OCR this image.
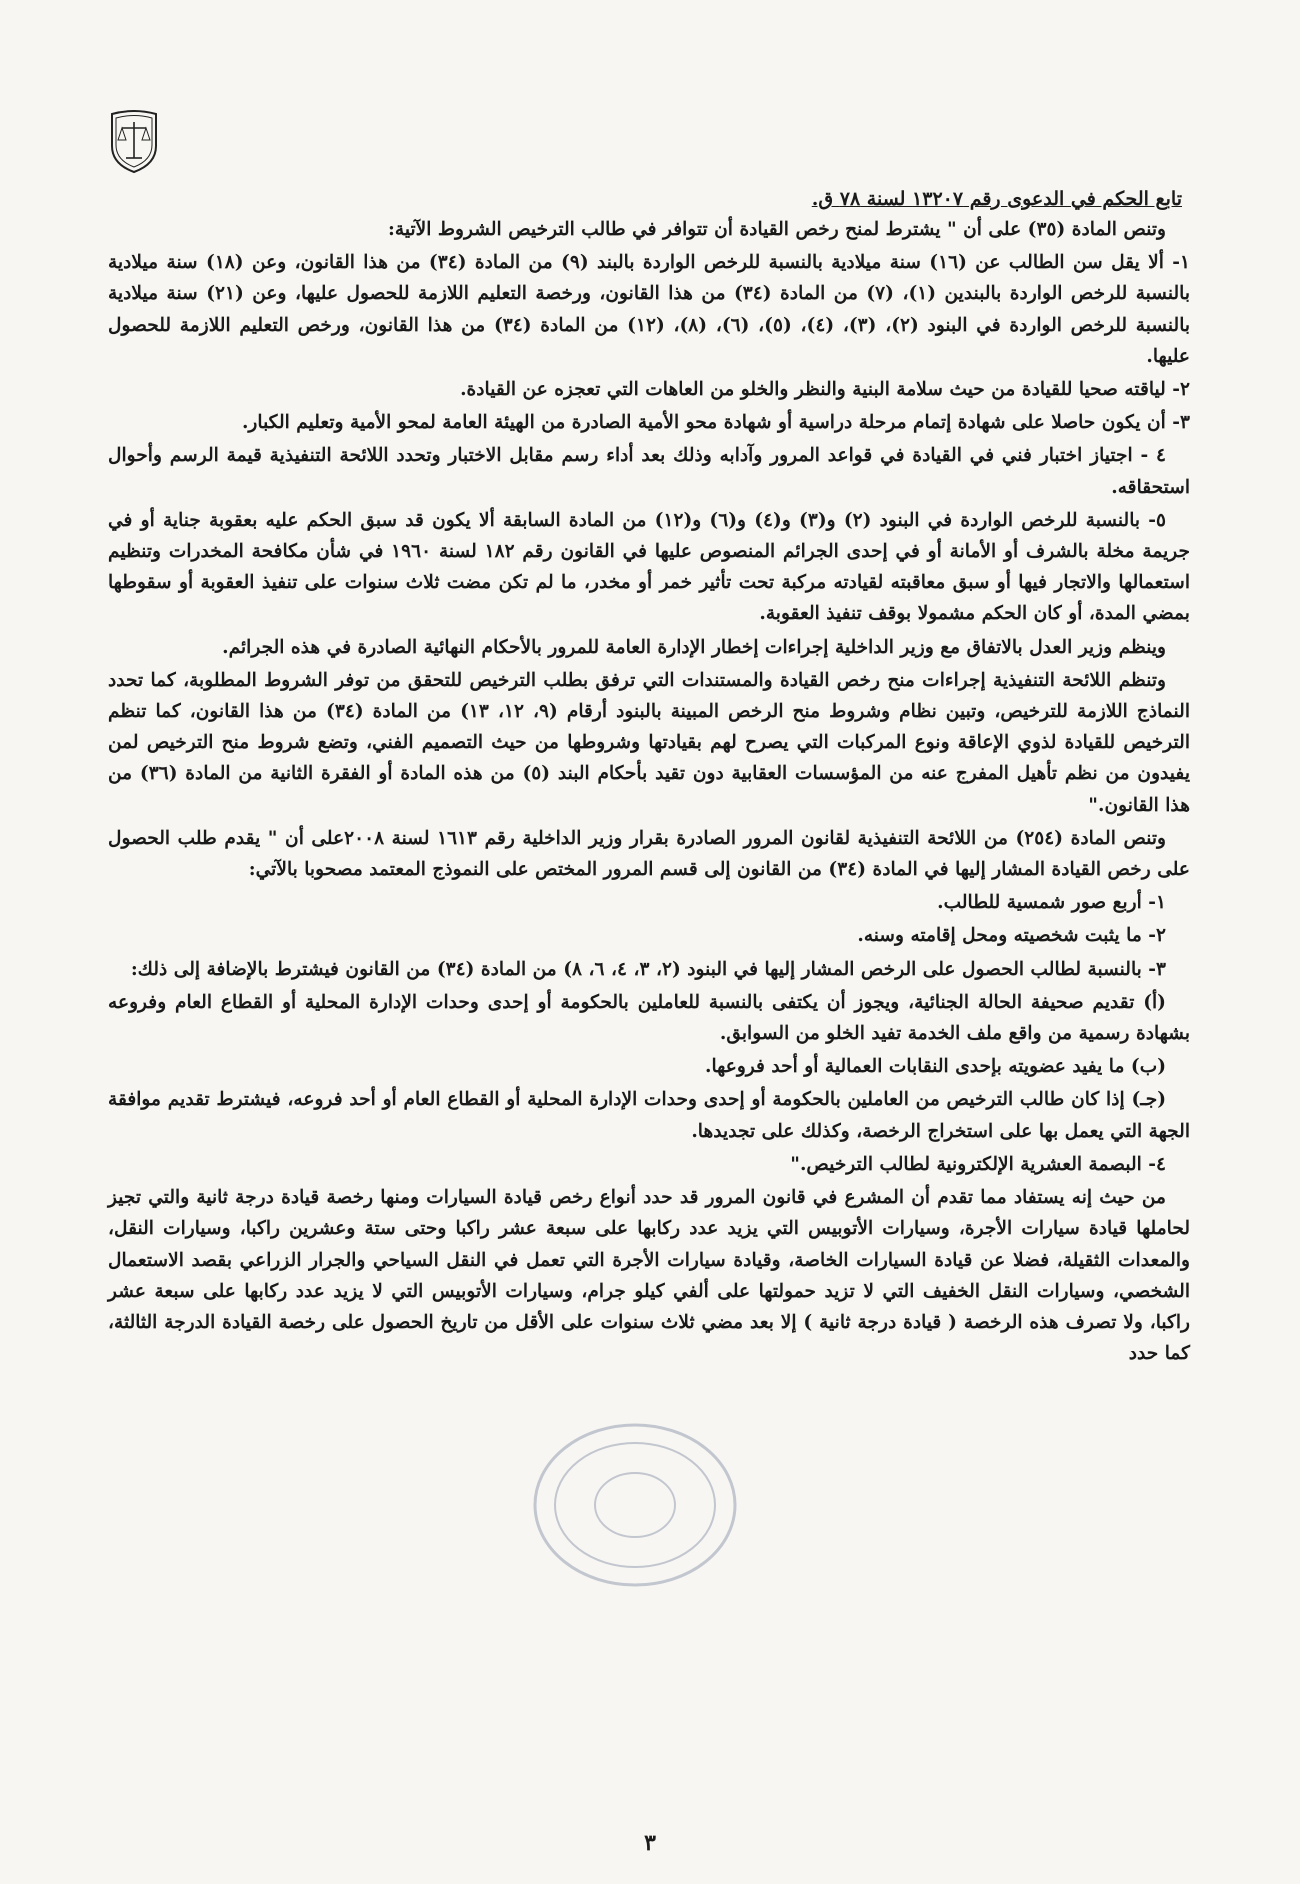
تابع الحكم في الدعوى رقم ١٣٢٠٧ لسنة ٧٨ ق.

وتنص المادة (٣٥) على أن " يشترط لمنح رخص القيادة أن تتوافر في طالب الترخيص الشروط الآتية:

١- ألا يقل سن الطالب عن (١٦) سنة ميلادية بالنسبة للرخص الواردة بالبند (٩) من المادة (٣٤) من هذا القانون، وعن (١٨) سنة ميلادية بالنسبة للرخص الواردة بالبندين (١)، (٧) من المادة (٣٤) من هذا القانون، ورخصة التعليم اللازمة للحصول عليها، وعن (٢١) سنة ميلادية بالنسبة للرخص الواردة في البنود (٢)، (٣)، (٤)، (٥)، (٦)، (٨)، (١٢) من المادة (٣٤) من هذا القانون، ورخص التعليم اللازمة للحصول عليها.

٢- لياقته صحيا للقيادة من حيث سلامة البنية والنظر والخلو من العاهات التي تعجزه عن القيادة.

٣- أن يكون حاصلا على شهادة إتمام مرحلة دراسية أو شهادة محو الأمية الصادرة من الهيئة العامة لمحو الأمية وتعليم الكبار.

٤ - اجتياز اختبار فني في القيادة في قواعد المرور وآدابه وذلك بعد أداء رسم مقابل الاختبار وتحدد اللائحة التنفيذية قيمة الرسم وأحوال استحقاقه.

٥- بالنسبة للرخص الواردة في البنود (٢) و(٣) و(٤) و(٦) و(١٢) من المادة السابقة ألا يكون قد سبق الحكم عليه بعقوبة جناية أو في جريمة مخلة بالشرف أو الأمانة أو في إحدى الجرائم المنصوص عليها في القانون رقم ١٨٢ لسنة ١٩٦٠ في شأن مكافحة المخدرات وتنظيم استعمالها والاتجار فيها أو سبق معاقبته لقيادته مركبة تحت تأثير خمر أو مخدر، ما لم تكن مضت ثلاث سنوات على تنفيذ العقوبة أو سقوطها بمضي المدة، أو كان الحكم مشمولا بوقف تنفيذ العقوبة.

وينظم وزير العدل بالاتفاق مع وزير الداخلية إجراءات إخطار الإدارة العامة للمرور بالأحكام النهائية الصادرة في هذه الجرائم.

وتنظم اللائحة التنفيذية إجراءات منح رخص القيادة والمستندات التي ترفق بطلب الترخيص للتحقق من توفر الشروط المطلوبة، كما تحدد النماذج اللازمة للترخيص، وتبين نظام وشروط منح الرخص المبينة بالبنود أرقام (٩، ١٢، ١٣) من المادة (٣٤) من هذا القانون، كما تنظم الترخيص للقيادة لذوي الإعاقة ونوع المركبات التي يصرح لهم بقيادتها وشروطها من حيث التصميم الفني، وتضع شروط منح الترخيص لمن يفيدون من نظم تأهيل المفرج عنه من المؤسسات العقابية دون تقيد بأحكام البند (٥) من هذه المادة أو الفقرة الثانية من المادة (٣٦) من هذا القانون."

وتنص المادة (٢٥٤) من اللائحة التنفيذية لقانون المرور الصادرة بقرار وزير الداخلية رقم ١٦١٣ لسنة ٢٠٠٨على أن " يقدم طلب الحصول على رخص القيادة المشار إليها في المادة (٣٤) من القانون إلى قسم المرور المختص على النموذج المعتمد مصحوبا بالآتي:

١- أربع صور شمسية للطالب.

٢- ما يثبت شخصيته ومحل إقامته وسنه.

٣- بالنسبة لطالب الحصول على الرخص المشار إليها في البنود (٢، ٣، ٤، ٦، ٨) من المادة (٣٤) من القانون فيشترط بالإضافة إلى ذلك:

(أ) تقديم صحيفة الحالة الجنائية، ويجوز أن يكتفى بالنسبة للعاملين بالحكومة أو إحدى وحدات الإدارة المحلية أو القطاع العام وفروعه بشهادة رسمية من واقع ملف الخدمة تفيد الخلو من السوابق.

(ب) ما يفيد عضويته بإحدى النقابات العمالية أو أحد فروعها.

(جـ) إذا كان طالب الترخيص من العاملين بالحكومة أو إحدى وحدات الإدارة المحلية أو القطاع العام أو أحد فروعه، فيشترط تقديم موافقة الجهة التي يعمل بها على استخراج الرخصة، وكذلك على تجديدها.

٤- البصمة العشرية الإلكترونية لطالب الترخيص."

من حيث إنه يستفاد مما تقدم أن المشرع في قانون المرور قد حدد أنواع رخص قيادة السيارات ومنها رخصة قيادة درجة ثانية والتي تجيز لحاملها قيادة سيارات الأجرة، وسيارات الأتوبيس التي يزيد عدد ركابها على سبعة عشر راكبا وحتى ستة وعشرين راكبا، وسيارات النقل، والمعدات الثقيلة، فضلا عن قيادة السيارات الخاصة، وقيادة سيارات الأجرة التي تعمل في النقل السياحي والجرار الزراعي بقصد الاستعمال الشخصي، وسيارات النقل الخفيف التي لا تزيد حمولتها على ألفي كيلو جرام، وسيارات الأتوبيس التي لا يزيد عدد ركابها على سبعة عشر راكبا، ولا تصرف هذه الرخصة ( قيادة درجة ثانية ) إلا بعد مضي ثلاث سنوات على الأقل من تاريخ الحصول على رخصة القيادة الدرجة الثالثة، كما حدد

٣
